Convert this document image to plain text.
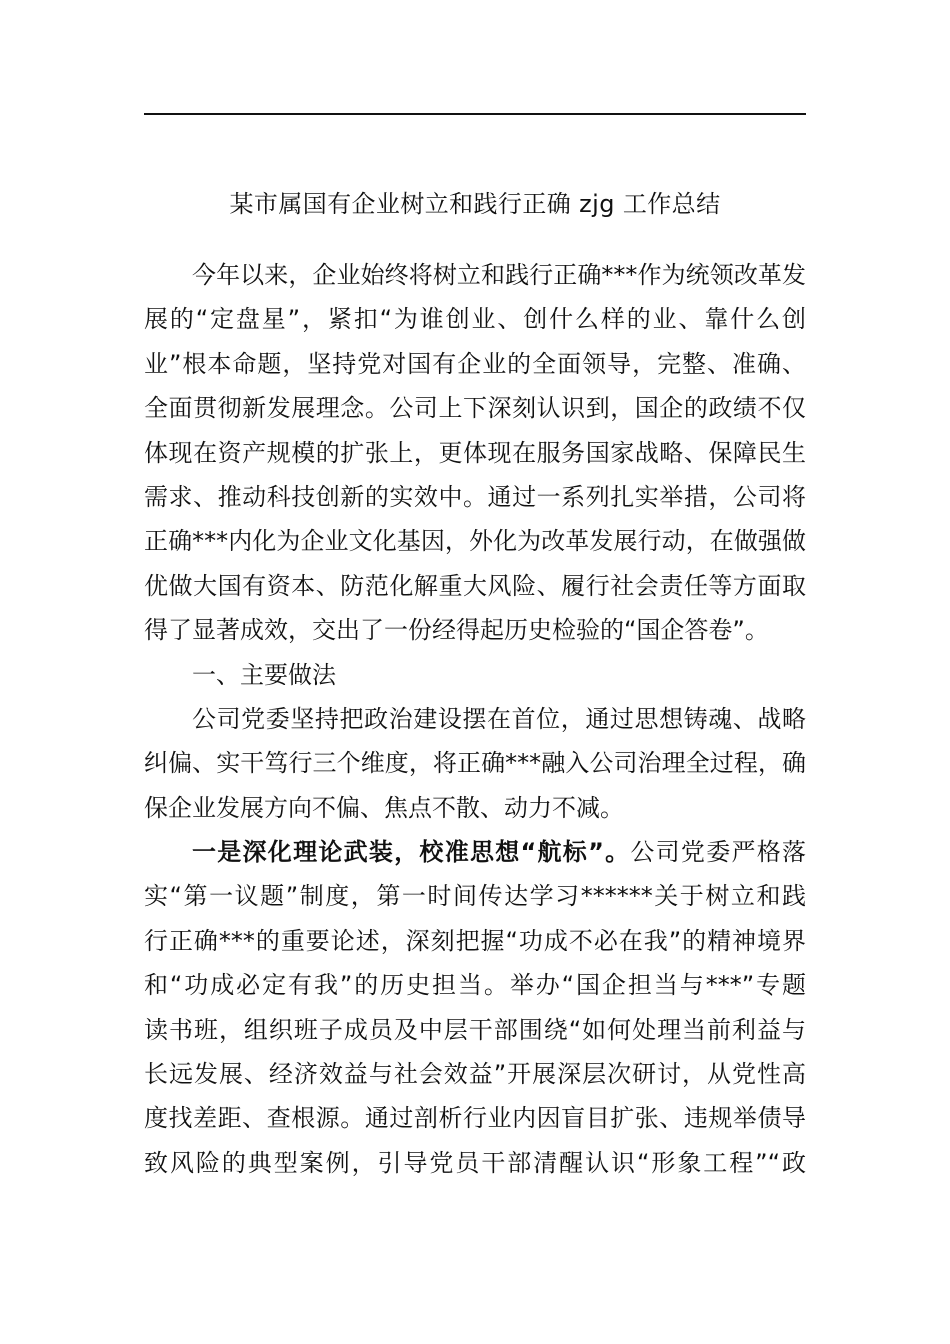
某市属国有企业树立和践行正确 zjg 工作总结
今年以来，企业始终将树立和践行正确***作为统领改革发
展的“定盘星”，紧扣“为谁创业、创什么样的业、靠什么创
业”根本命题，坚持党对国有企业的全面领导，完整、准确、
全面贯彻新发展理念。公司上下深刻认识到，国企的政绩不仅
体现在资产规模的扩张上，更体现在服务国家战略、保障民生
需求、推动科技创新的实效中。通过一系列扎实举措，公司将
正确***内化为企业文化基因，外化为改革发展行动，在做强做
优做大国有资本、防范化解重大风险、履行社会责任等方面取
得了显著成效，交出了一份经得起历史检验的“国企答卷”。
一、主要做法
公司党委坚持把政治建设摆在首位，通过思想铸魂、战略
纠偏、实干笃行三个维度，将正确***融入公司治理全过程，确
保企业发展方向不偏、焦点不散、动力不减。
一是深化理论武装，校准思想“航标”。公司党委严格落
实“第一议题”制度，第一时间传达学习******关于树立和践
行正确***的重要论述，深刻把握“功成不必在我”的精神境界
和“功成必定有我”的历史担当。举办“国企担当与***”专题
读书班，组织班子成员及中层干部围绕“如何处理当前利益与
长远发展、经济效益与社会效益”开展深层次研讨，从党性高
度找差距、查根源。通过剖析行业内因盲目扩张、违规举债导
致风险的典型案例，引导党员干部清醒认识“形象工程”“政
